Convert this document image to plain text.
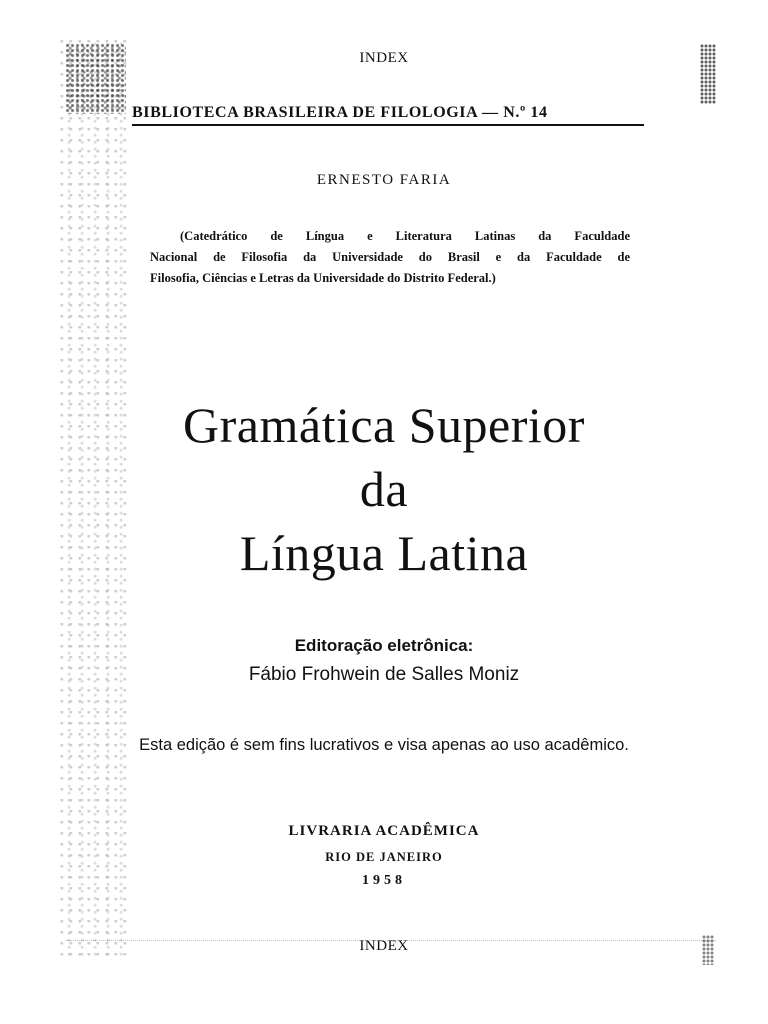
INDEX
BIBLIOTECA BRASILEIRA DE FILOLOGIA — N.º 14
ERNESTO FARIA
(Catedrático de Língua e Literatura Latinas da Faculdade
Nacional de Filosofia da Universidade do Brasil e da Faculdade de
Filosofia, Ciências e Letras da Universidade do Distrito Federal.)
Gramática Superior
da
Língua Latina
Editoração eletrônica:
Fábio Frohwein de Salles Moniz
Esta edição é sem fins lucrativos e visa apenas ao uso acadêmico.
LIVRARIA ACADÊMICA
RIO DE JANEIRO
1958
INDEX
